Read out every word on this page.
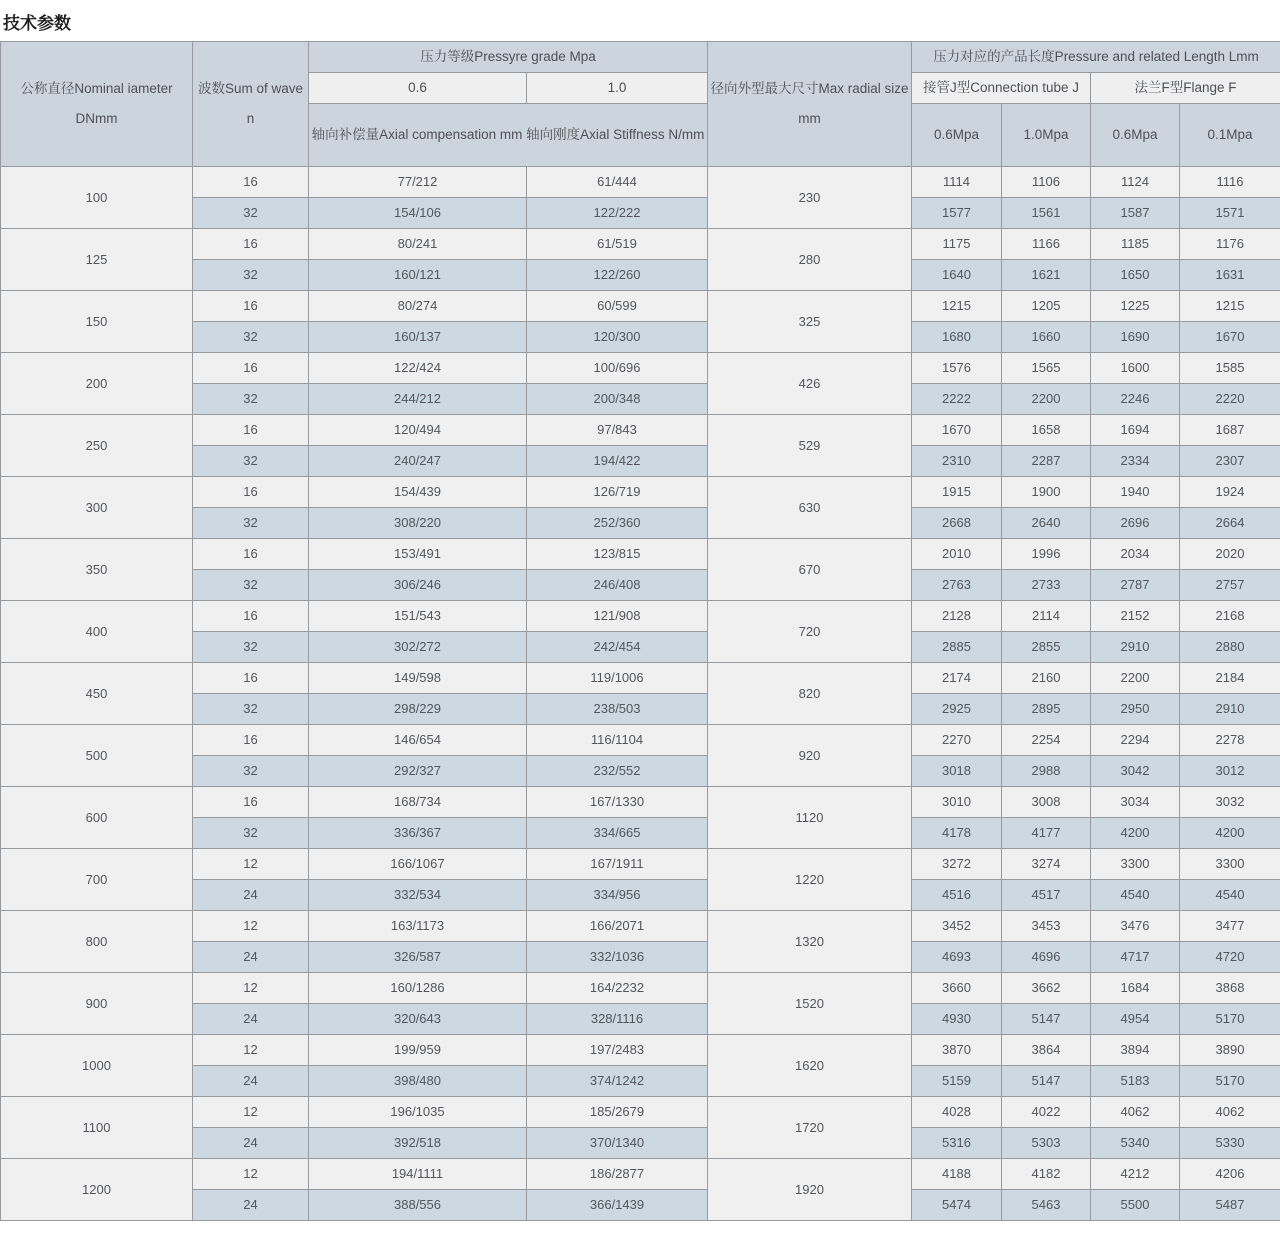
技术参数
公称直径Nominal iameter DNmm	波数Sum of wave n	压力等级Pressyre grade Mpa		径向外型最大尺寸Max radial size mm	压力对应的产品长度Pressure and related Length Lmm			
		0.6	1.0		接管J型Connection tube J		法兰F型Flange F	
		轴向补偿量Axial compensation mm 轴向刚度Axial Stiffness N/mm			0.6Mpa	1.0Mpa	0.6Mpa	0.1Mpa
100	16	77/212	61/444	230	1114	1106	1124	1116
	32	154/106	122/222		1577	1561	1587	1571
125	16	80/241	61/519	280	1175	1166	1185	1176
	32	160/121	122/260		1640	1621	1650	1631
150	16	80/274	60/599	325	1215	1205	1225	1215
	32	160/137	120/300		1680	1660	1690	1670
200	16	122/424	100/696	426	1576	1565	1600	1585
	32	244/212	200/348		2222	2200	2246	2220
250	16	120/494	97/843	529	1670	1658	1694	1687
	32	240/247	194/422		2310	2287	2334	2307
300	16	154/439	126/719	630	1915	1900	1940	1924
	32	308/220	252/360		2668	2640	2696	2664
350	16	153/491	123/815	670	2010	1996	2034	2020
	32	306/246	246/408		2763	2733	2787	2757
400	16	151/543	121/908	720	2128	2114	2152	2168
	32	302/272	242/454		2885	2855	2910	2880
450	16	149/598	119/1006	820	2174	2160	2200	2184
	32	298/229	238/503		2925	2895	2950	2910
500	16	146/654	116/1104	920	2270	2254	2294	2278
	32	292/327	232/552		3018	2988	3042	3012
600	16	168/734	167/1330	1120	3010	3008	3034	3032
	32	336/367	334/665		4178	4177	4200	4200
700	12	166/1067	167/1911	1220	3272	3274	3300	3300
	24	332/534	334/956		4516	4517	4540	4540
800	12	163/1173	166/2071	1320	3452	3453	3476	3477
	24	326/587	332/1036		4693	4696	4717	4720
900	12	160/1286	164/2232	1520	3660	3662	1684	3868
	24	320/643	328/1116		4930	5147	4954	5170
1000	12	199/959	197/2483	1620	3870	3864	3894	3890
	24	398/480	374/1242		5159	5147	5183	5170
1100	12	196/1035	185/2679	1720	4028	4022	4062	4062
	24	392/518	370/1340		5316	5303	5340	5330
1200	12	194/1111	186/2877	1920	4188	4182	4212	4206
	24	388/556	366/1439		5474	5463	5500	5487
